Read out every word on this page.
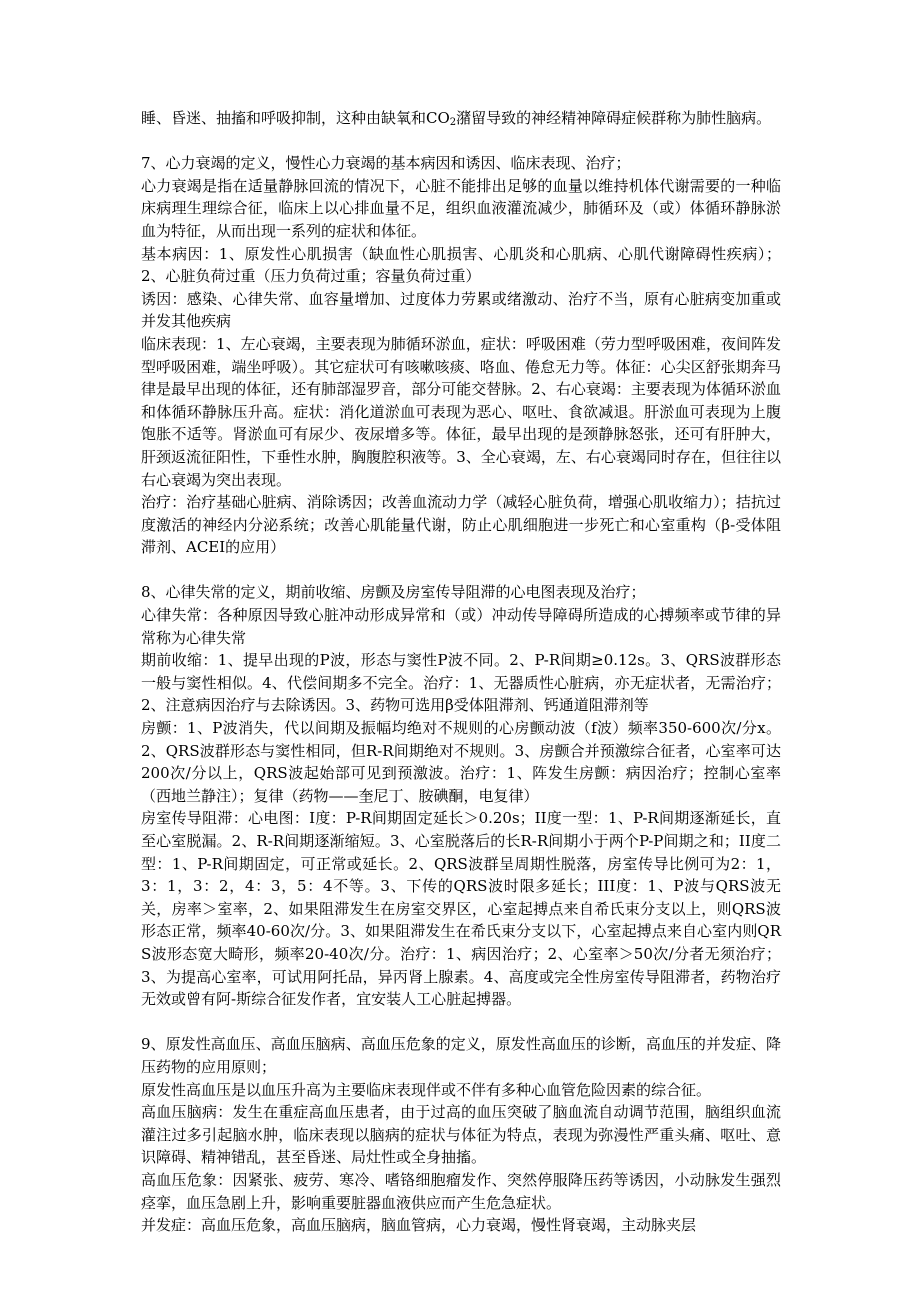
睡、昏迷、抽搐和呼吸抑制，这种由缺氧和$CO_2$潴留导致的神经精神障碍症候群称为肺性脑病。

7、心力衰竭的定义，慢性心力衰竭的基本病因和诱因、临床表现、治疗；

心力衰竭是指在适量静脉回流的情况下，心脏不能排出足够的血量以维持机体代谢需要的一种临床病理生理综合征，临床上以心排血量不足，组织血液灌流减少，肺循环及（或）体循环静脉淤血为特征，从而出现一系列的症状和体征。

基本病因：1、原发性心肌损害（缺血性心肌损害、心肌炎和心肌病、心肌代谢障碍性疾病）；2、心脏负荷过重（压力负荷过重；容量负荷过重）

诱因：感染、心律失常、血容量增加、过度体力劳累或绪激动、治疗不当，原有心脏病变加重或并发其他疾病

临床表现：1、左心衰竭，主要表现为肺循环淤血，症状：呼吸困难（劳力型呼吸困难，夜间阵发型呼吸困难，端坐呼吸）。其它症状可有咳嗽咳痰、咯血、倦怠无力等。体征：心尖区舒张期奔马律是最早出现的体征，还有肺部湿罗音，部分可能交替脉。2、右心衰竭：主要表现为体循环淤血和体循环静脉压升高。症状：消化道淤血可表现为恶心、呕吐、食欲减退。肝淤血可表现为上腹饱胀不适等。肾淤血可有尿少、夜尿增多等。体征，最早出现的是颈静脉怒张，还可有肝肿大，肝颈返流征阳性，下垂性水肿，胸腹腔积液等。3、全心衰竭，左、右心衰竭同时存在，但往往以右心衰竭为突出表现。

治疗：治疗基础心脏病、消除诱因；改善血流动力学（减轻心脏负荷，增强心肌收缩力）；拮抗过度激活的神经内分泌系统；改善心肌能量代谢，防止心肌细胞进一步死亡和心室重构（β-受体阻滞剂、ACEI的应用）

8、心律失常的定义，期前收缩、房颤及房室传导阻滞的心电图表现及治疗；

心律失常：各种原因导致心脏冲动形成异常和（或）冲动传导障碍所造成的心搏频率或节律的异常称为心律失常

期前收缩：1、提早出现的P波，形态与窦性P波不同。2、P-R间期≥0.12s。3、QRS波群形态一般与窦性相似。4、代偿间期多不完全。治疗：1、无器质性心脏病，亦无症状者，无需治疗；2、注意病因治疗与去除诱因。3、药物可选用β受体阻滞剂、钙通道阻滞剂等

房颤：1、P波消失，代以间期及振幅均绝对不规则的心房颤动波（f波）频率350-600次/分x。2、QRS波群形态与窦性相同，但R-R间期绝对不规则。3、房颤合并预激综合征者，心室率可达200次/分以上，QRS波起始部可见到预激波。治疗：1、阵发生房颤：病因治疗；控制心室率（西地兰静注）；复律（药物——奎尼丁、胺碘酮，电复律）

房室传导阻滞：心电图：I度：P-R间期固定延长＞0.20s；II度一型：1、P-R间期逐渐延长，直至心室脱漏。2、R-R间期逐渐缩短。3、心室脱落后的长R-R间期小于两个P-P间期之和；II度二型：1、P-R间期固定，可正常或延长。2、QRS波群呈周期性脱落，房室传导比例可为2：1，3：1，3：2，4：3，5：4不等。3、下传的QRS波时限多延长；III度：1、P波与QRS波无关，房率＞室率，2、如果阻滞发生在房室交界区，心室起搏点来自希氏束分支以上，则QRS波形态正常，频率40-60次/分。3、如果阻滞发生在希氏束分支以下，心室起搏点来自心室内则QRS波形态宽大畸形，频率20-40次/分。治疗：1、病因治疗；2、心室率＞50次/分者无须治疗；3、为提高心室率，可试用阿托品，异丙肾上腺素。4、高度或完全性房室传导阻滞者，药物治疗无效或曾有阿-斯综合征发作者，宜安装人工心脏起搏器。

9、原发性高血压、高血压脑病、高血压危象的定义，原发性高血压的诊断，高血压的并发症、降压药物的应用原则；

原发性高血压是以血压升高为主要临床表现伴或不伴有多种心血管危险因素的综合征。

高血压脑病：发生在重症高血压患者，由于过高的血压突破了脑血流自动调节范围，脑组织血流灌注过多引起脑水肿，临床表现以脑病的症状与体征为特点，表现为弥漫性严重头痛、呕吐、意识障碍、精神错乱，甚至昏迷、局灶性或全身抽搐。

高血压危象：因紧张、疲劳、寒冷、嗜铬细胞瘤发作、突然停服降压药等诱因，小动脉发生强烈痉挛，血压急剧上升，影响重要脏器血液供应而产生危急症状。

并发症：高血压危象，高血压脑病，脑血管病，心力衰竭，慢性肾衰竭，主动脉夹层
